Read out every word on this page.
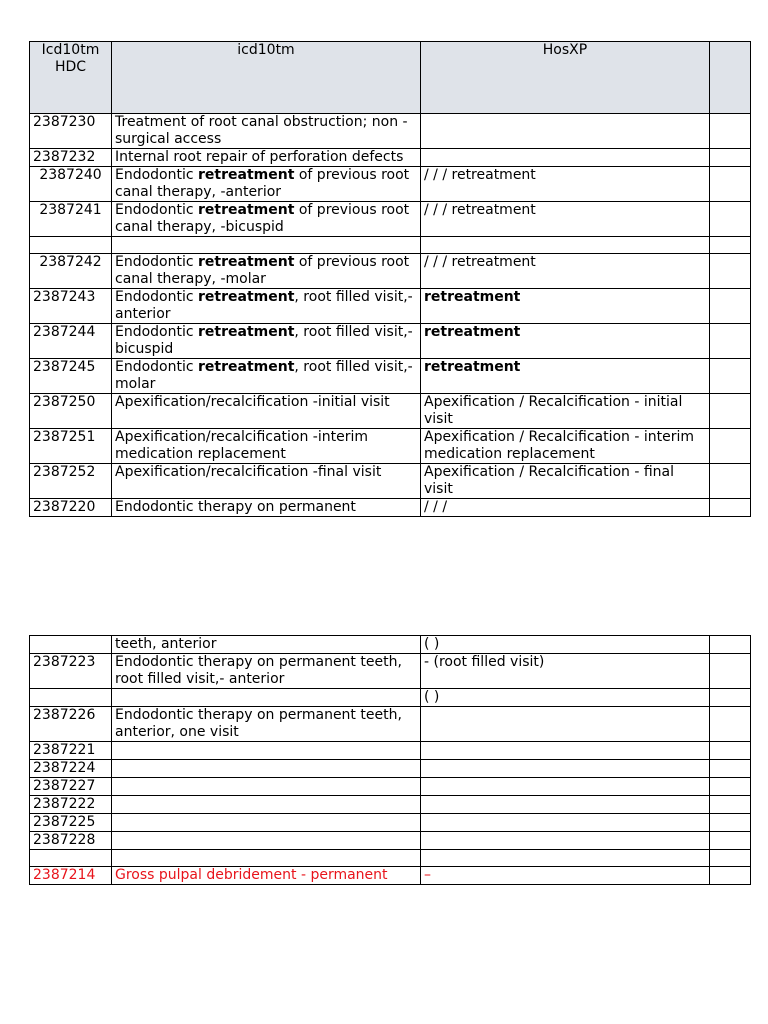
Icd10tm
HDC	icd10tm	HosXP	
2387230	Treatment of root canal obstruction; non - surgical access		
2387232	Internal root repair of perforation defects		
2387240	Endodontic retreatment of previous root canal therapy, -anterior	/ / / retreatment	
2387241	Endodontic retreatment of previous root canal therapy, -bicuspid	/ / / retreatment	

2387242	Endodontic retreatment of previous root canal therapy, -molar	/ / / retreatment	
2387243	Endodontic retreatment, root filled visit,- anterior	retreatment	
2387244	Endodontic retreatment, root filled visit,- bicuspid	retreatment	
2387245	Endodontic retreatment, root filled visit,- molar	retreatment	
2387250	Apexification/recalcification -initial visit	Apexification / Recalcification - initial visit	
2387251	Apexification/recalcification -interim medication replacement	Apexification / Recalcification - interim medication replacement	
2387252	Apexification/recalcification -final visit	Apexification / Recalcification - final visit	
2387220	Endodontic therapy on permanent	/ / /	
	teeth, anterior	( )	
2387223	Endodontic therapy on permanent teeth, root filled visit,- anterior	- (root filled visit)	
		( )	
2387226	Endodontic therapy on permanent teeth, anterior, one visit		
2387221			
2387224			
2387227			
2387222			
2387225			
2387228			

2387214	Gross pulpal debridement - permanent	–	
